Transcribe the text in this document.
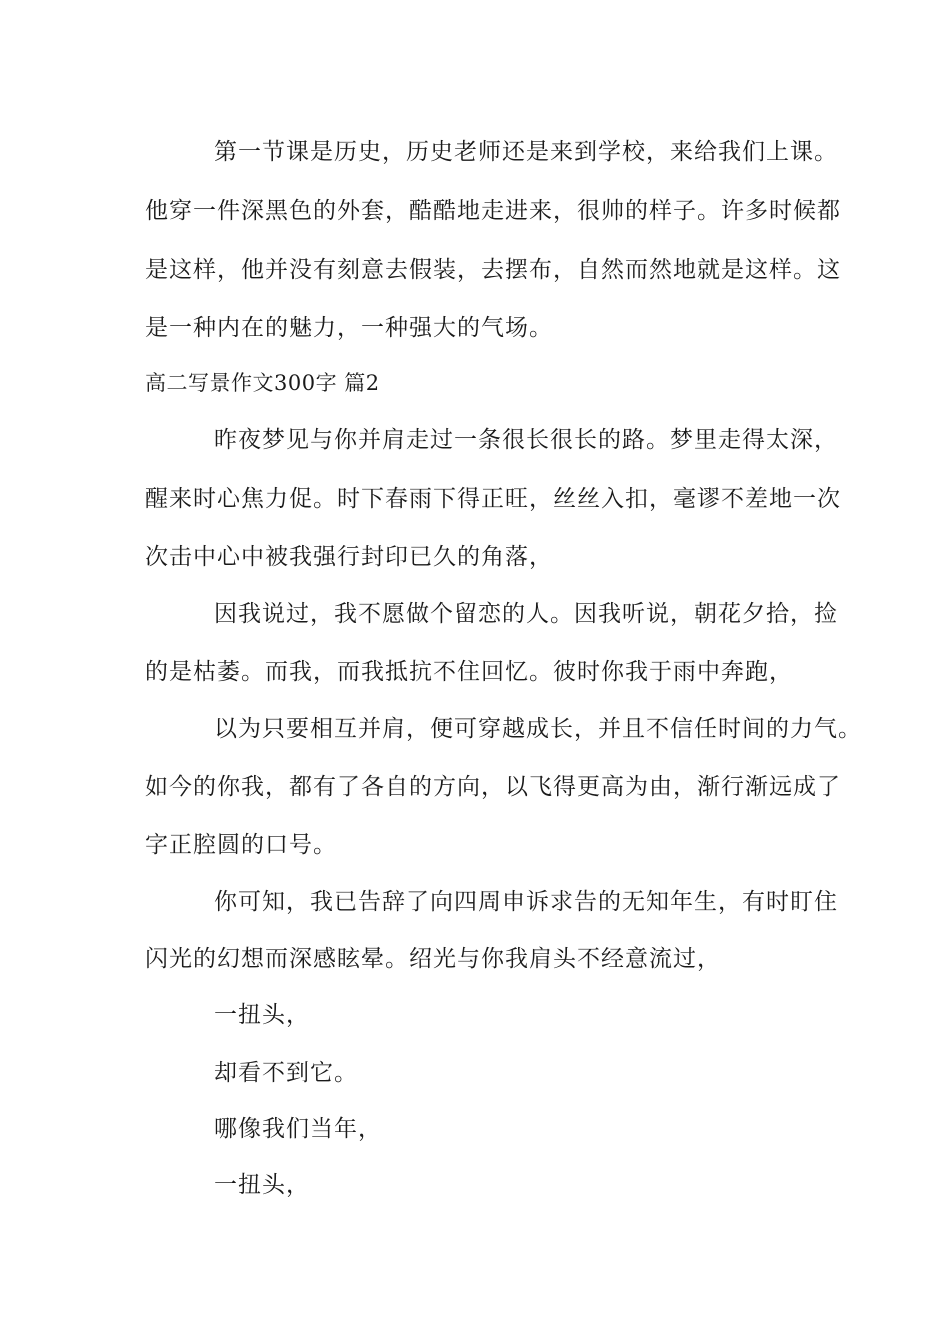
第一节课是历史，历史老师还是来到学校，来给我们上课。
他穿一件深黑色的外套，酷酷地走进来，很帅的样子。许多时候都
是这样，他并没有刻意去假装，去摆布，自然而然地就是这样。这
是一种内在的魅力，一种强大的气场。
高二写景作文300字 篇2
昨夜梦见与你并肩走过一条很长很长的路。梦里走得太深，
醒来时心焦力促。时下春雨下得正旺，丝丝入扣，毫谬不差地一次
次击中心中被我强行封印已久的角落，
因我说过，我不愿做个留恋的人。因我听说，朝花夕拾，捡
的是枯萎。而我，而我抵抗不住回忆。彼时你我于雨中奔跑，
以为只要相互并肩，便可穿越成长，并且不信任时间的力气。
如今的你我，都有了各自的方向，以飞得更高为由，渐行渐远成了
字正腔圆的口号。
你可知，我已告辞了向四周申诉求告的无知年生，有时盯住
闪光的幻想而深感眩晕。绍光与你我肩头不经意流过，
一扭头，
却看不到它。
哪像我们当年，
一扭头，
